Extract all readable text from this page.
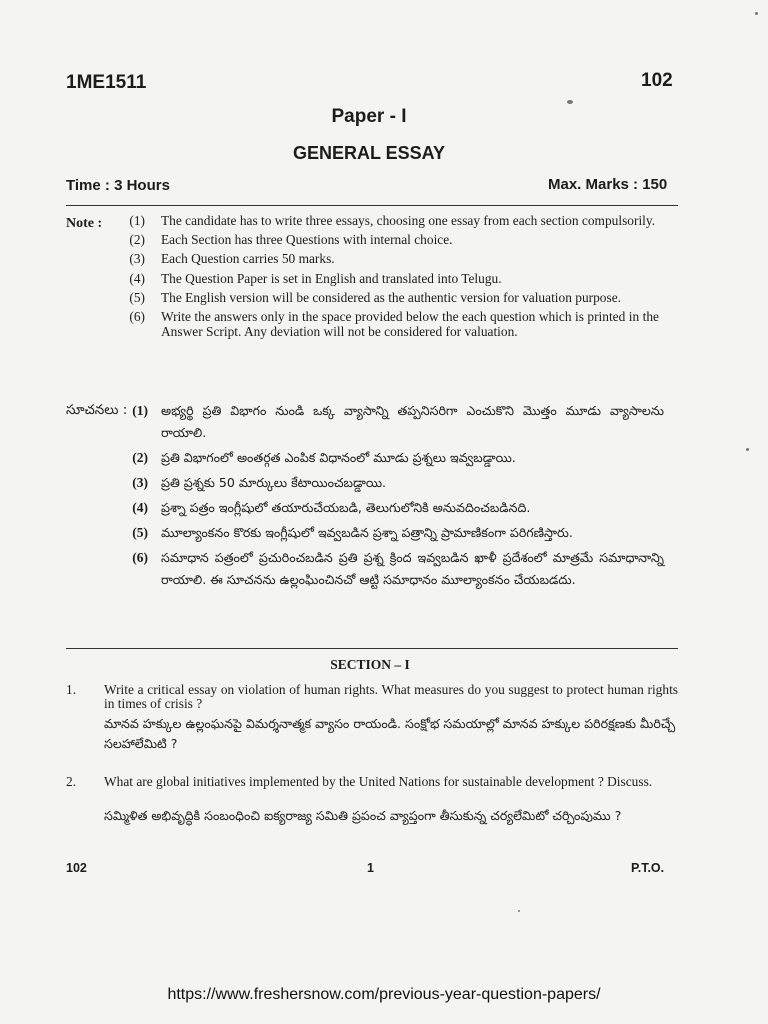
1ME1511	102
Paper - I
GENERAL ESSAY
Time : 3 Hours	Max. Marks : 150
Note :	(1)	The candidate has to write three essays, choosing one essay from each section compulsorily.
(2)	Each Section has three Questions with internal choice.
(3)	Each Question carries 50 marks.
(4)	The Question Paper is set in English and translated into Telugu.
(5)	The English version will be considered as the authentic version for valuation purpose.
(6)	Write the answers only in the space provided below the each question which is printed in the Answer Script. Any deviation will not be considered for valuation.
సూచనలు : (1)	అభ్యర్థి ప్రతి విభాగం నుండి ఒక్క వ్యాసాన్ని తప్పనిసరిగా ఎంచుకొని మొత్తం మూడు వ్యాసాలను రాయాలి.
(2)	ప్రతి విభాగంలో అంతర్గత ఎంపిక విధానంలో మూడు ప్రశ్నలు ఇవ్వబడ్డాయి.
(3)	ప్రతి ప్రశ్నకు 50 మార్కులు కేటాయించబడ్డాయి.
(4)	ప్రశ్నా పత్రం ఇంగ్లీషులో తయారుచేయబడి, తెలుగులోనికి అనువదించబడినది.
(5)	మూల్యాంకనం కొరకు ఇంగ్లీషులో ఇవ్వబడిన ప్రశ్నా పత్రాన్ని ప్రామాణికంగా పరిగణిస్తారు.
(6)	సమాధాన పత్రంలో ప్రచురించబడిన ప్రతి ప్రశ్న క్రింద ఇవ్వబడిన ఖాళీ ప్రదేశంలో మాత్రమే సమాధానాన్ని రాయాలి. ఈ సూచనను ఉల్లంఘించినచో ఆట్టి సమాధానం మూల్యాంకనం చేయబడదు.
SECTION – I
1.	Write a critical essay on violation of human rights. What measures do you suggest to protect human rights in times of crisis ?
మానవ హక్కుల ఉల్లంఘనపై విమర్శనాత్మక వ్యాసం రాయండి. సంక్షోభ సమయాల్లో మానవ హక్కుల పరిరక్షణకు మీరిచ్చే సలహాలేమిటి ?
2.	What are global initiatives implemented by the United Nations for sustainable development ? Discuss.
సమ్మిళిత అభివృద్ధికి సంబంధించి ఐక్యరాజ్య సమితి ప్రపంచ వ్యాప్తంగా తీసుకున్న చర్యలేమిటో చర్చింపుము ?
102	1	P.T.O.
https://www.freshersnow.com/previous-year-question-papers/
